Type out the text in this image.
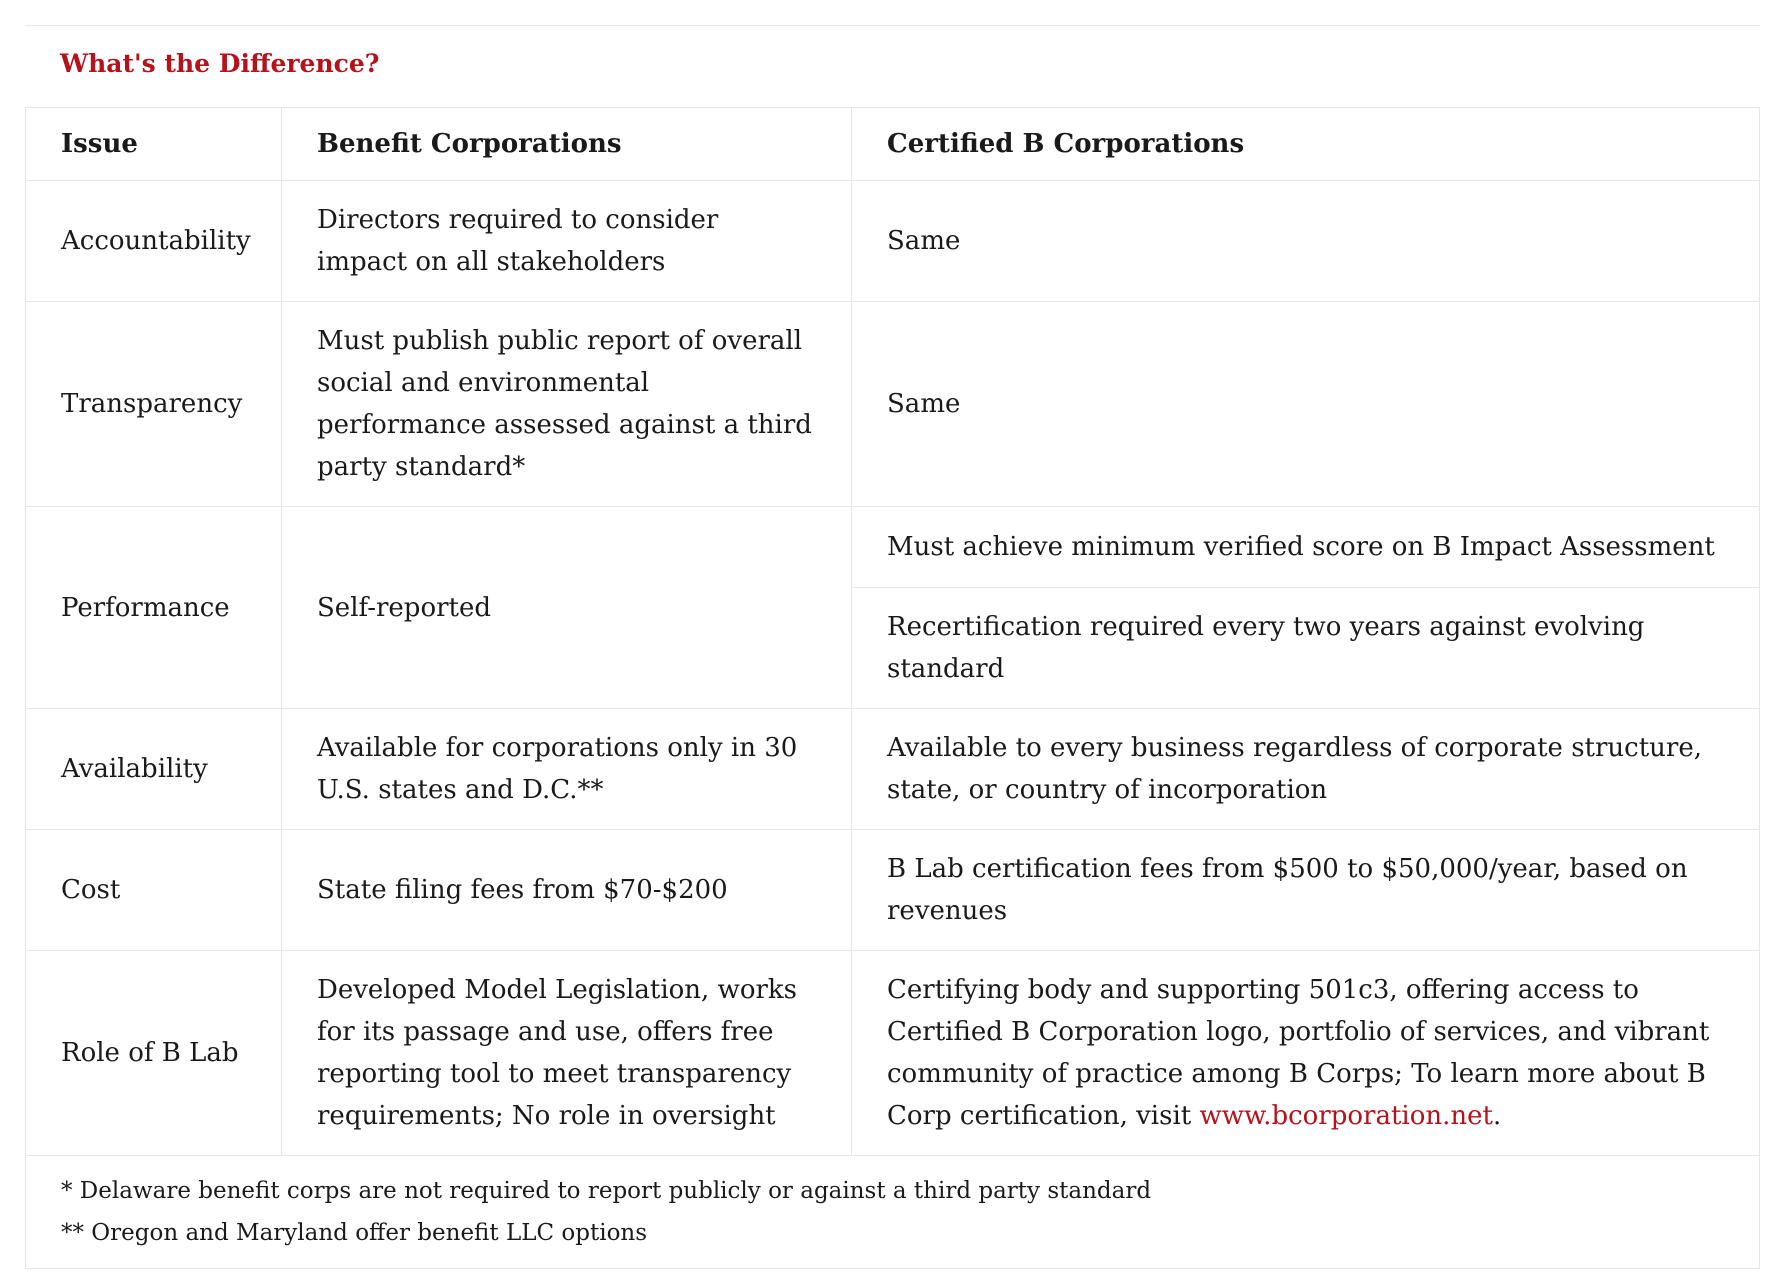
What's the Difference?
Issue	Benefit Corporations	Certified B Corporations
Accountability	Directors required to consider impact on all stakeholders	Same
Transparency	Must publish public report of overall social and environmental performance assessed against a third party standard*	Same
Performance	Self-reported	Must achieve minimum verified score on B Impact Assessment
		Recertification required every two years against evolving standard
Availability	Available for corporations only in 30 U.S. states and D.C.**	Available to every business regardless of corporate structure, state, or country of incorporation
Cost	State filing fees from $70-$200	B Lab certification fees from $500 to $50,000/year, based on revenues
Role of B Lab	Developed Model Legislation, works for its passage and use, offers free reporting tool to meet transparency requirements; No role in oversight	Certifying body and supporting 501c3, offering access to Certified B Corporation logo, portfolio of services, and vibrant community of practice among B Corps; To learn more about B Corp certification, visit www.bcorporation.net.

* Delaware benefit corps are not required to report publicly or against a third party standard
** Oregon and Maryland offer benefit LLC options		
